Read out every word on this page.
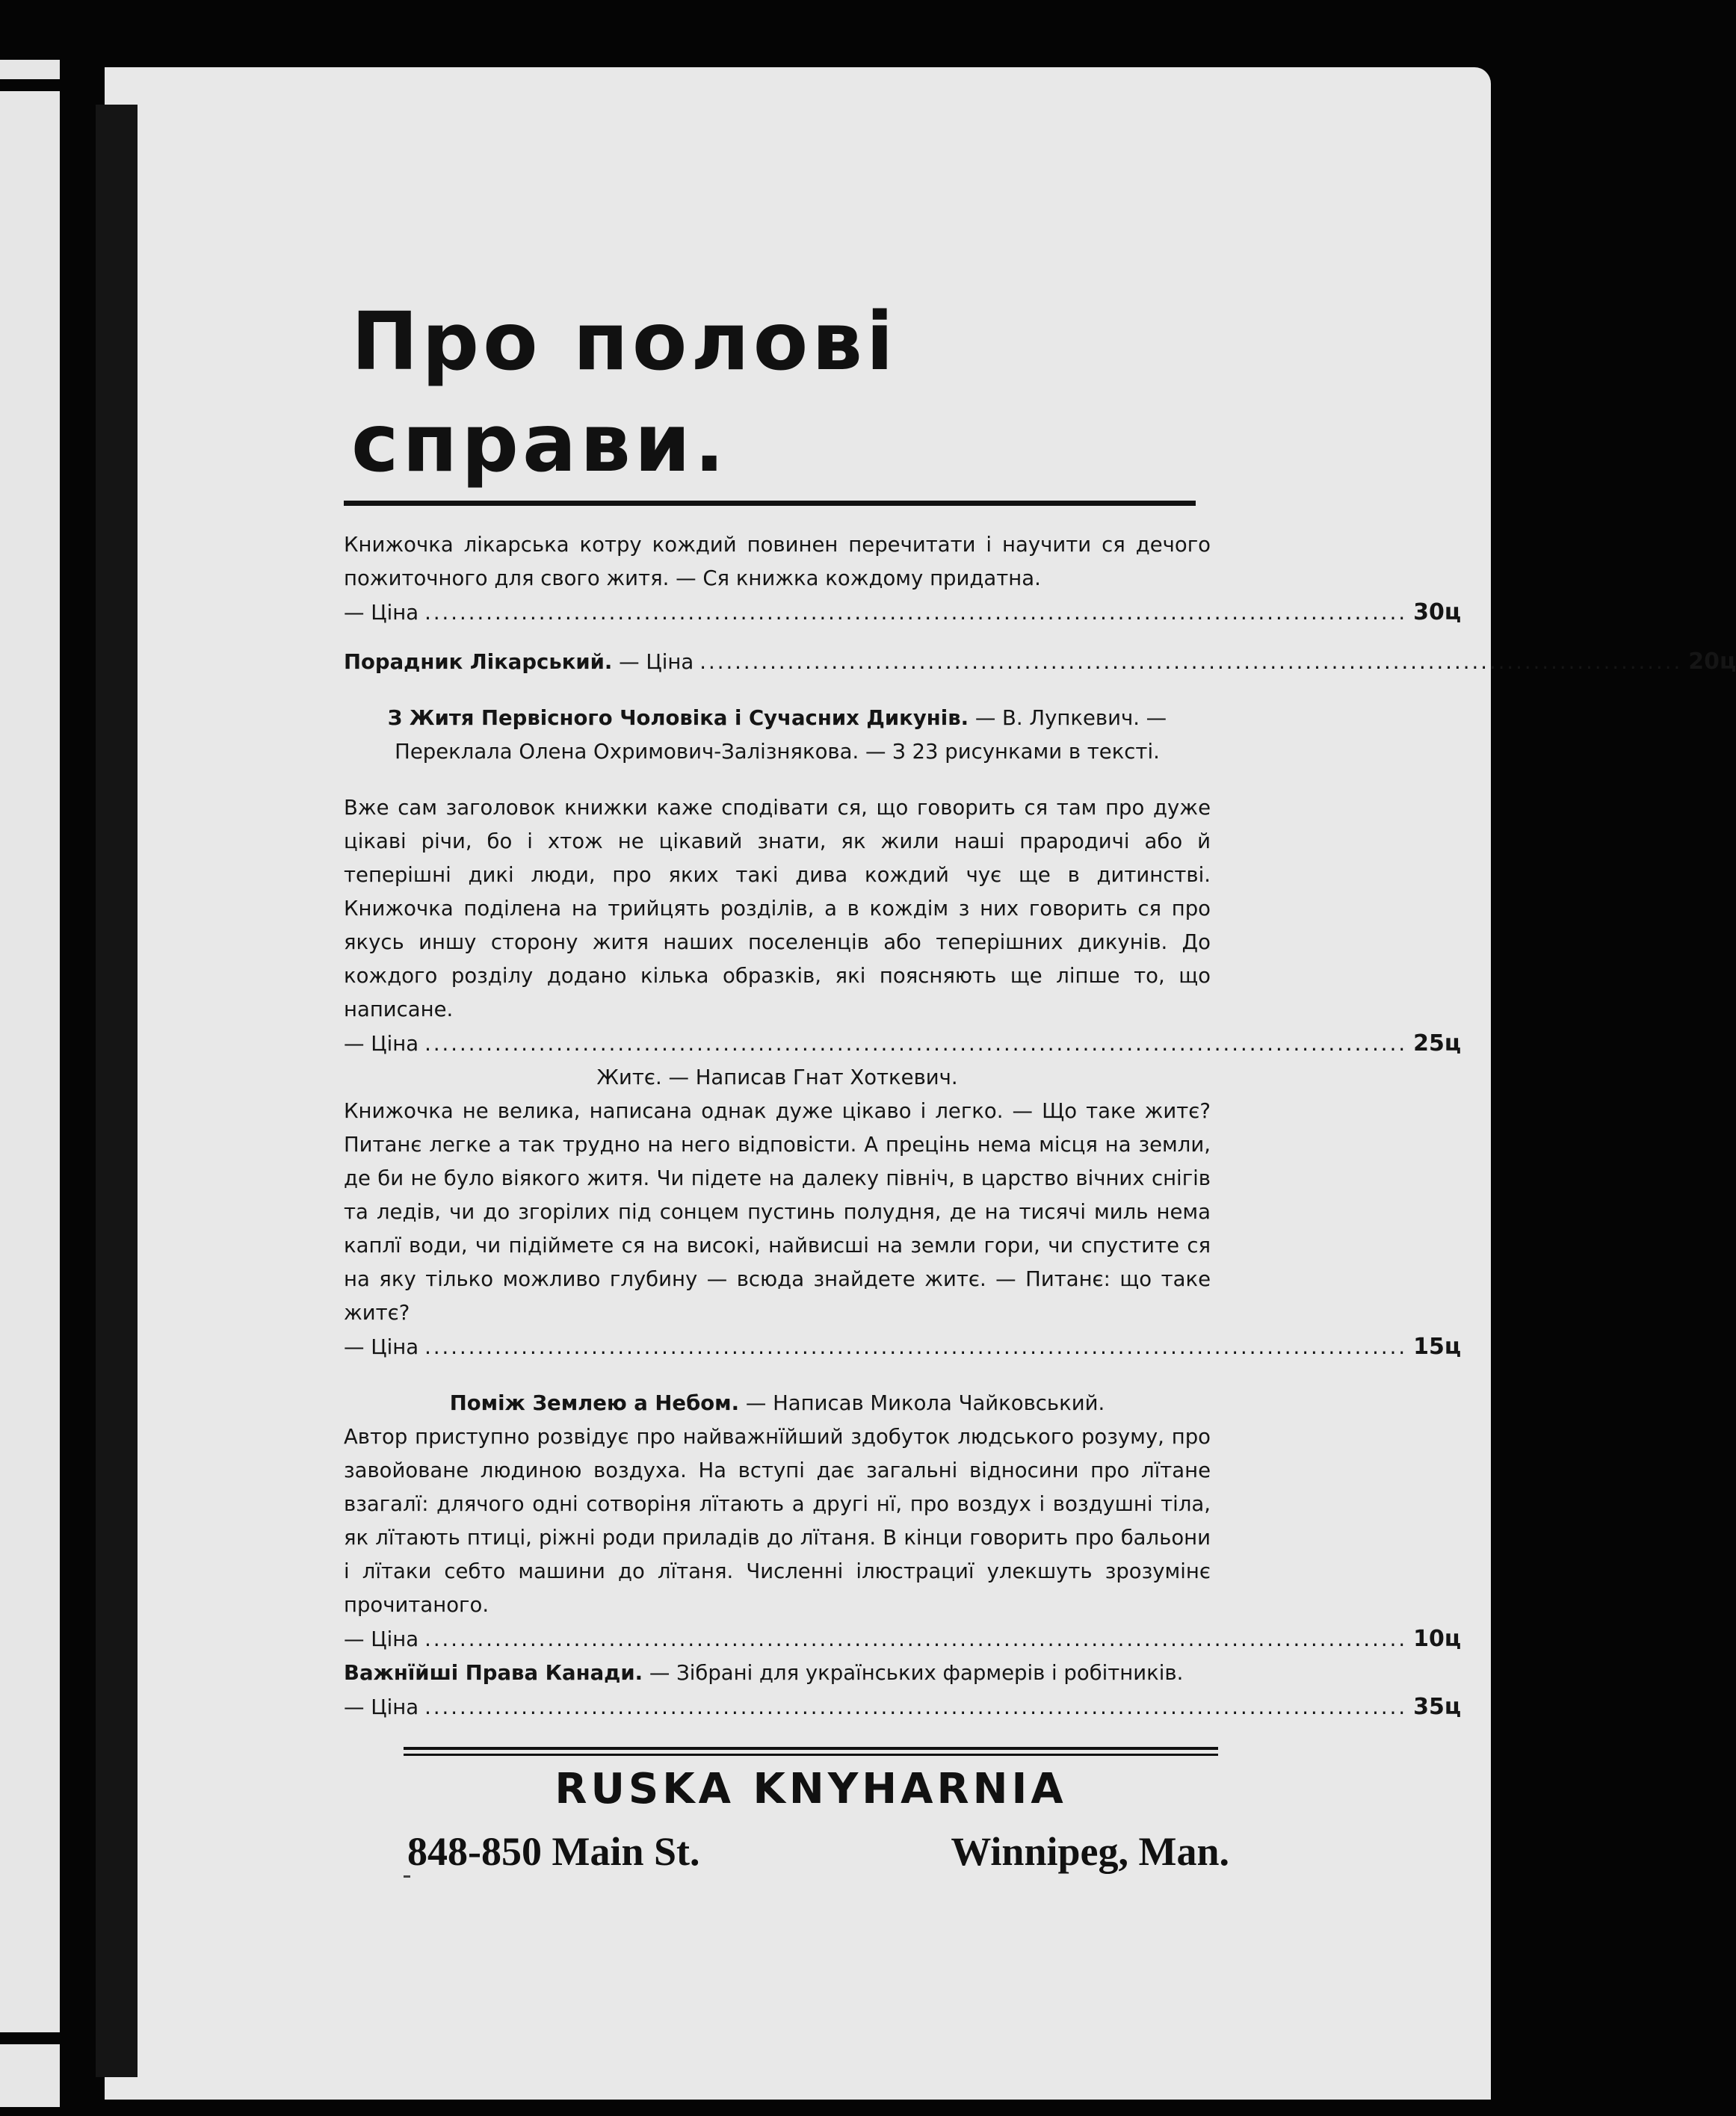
Про полові справи.

Книжочка лікарська котру кождий повинен перечитати і научити ся дечого пожиточного для свого житя. — Ся книжка кождому придатна.

— Ціна ................................................................................................................ 30ц
Порадник Лікарський. — Ціна ................................................................................................................ 20ц

З Житя Первісного Чоловіка і Сучасних Дикунів. — В. Лупкевич. — Переклала Олена Охримович-Залізнякова. — З 23 рисунками в тексті.

Вже сам заголовок книжки каже сподівати ся, що говорить ся там про дуже цікаві річи, бо і хтож не цікавий знати, як жили наші прародичі або й теперішні дикі люди, про яких такі дива кождий чує ще в дитинстві. Книжочка поділена на трийцять розділів, а в кождім з них говорить ся про якусь иншу сторону житя наших поселенців або теперішних дикунів. До кождого розділу додано кілька образків, які поясняють ще ліпше то, що написане.

— Ціна ................................................................................................................ 25ц

Житє. — Написав Гнат Хоткевич.

Книжочка не велика, написана однак дуже цікаво і легко. — Що таке житє? Питанє легке а так трудно на него відповісти. А прецінь нема місця на земли, де би не було віякого житя. Чи підете на далеку північ, в царство вічних снігів та ледів, чи до згорілих під сонцем пустинь полудня, де на тисячі миль нема каплї води, чи підіймете ся на високі, найвисші на земли гори, чи спустите ся на яку тілько можливо глубину — всюда знайдете житє. — Питанє: що таке житє?

— Ціна ................................................................................................................ 15ц

Поміж Землею а Небом. — Написав Микола Чайковський.

Автор приступно розвідує про найважнїйший здобуток людського розуму, про завойоване людиною воздуха. На вступі дає загальні відносини про лїтане взагалї: длячого одні сотворіня лїтають а другі нї, про воздух і воздушні тіла, як лїтають птиці, ріжні роди приладів до лїтаня. В кінци говорить про бальони і лїтаки себто машини до лїтаня. Численні ілюстрациї улекшуть зрозумінє прочитаного.

— Ціна ................................................................................................................ 10ц

Важнїйші Права Канади. — Зібрані для українських фармерів і робітників.

— Ціна ................................................................................................................ 35ц
RUSKA KNYHARNIA
848-850 Main St.	Winnipeg, Man.
